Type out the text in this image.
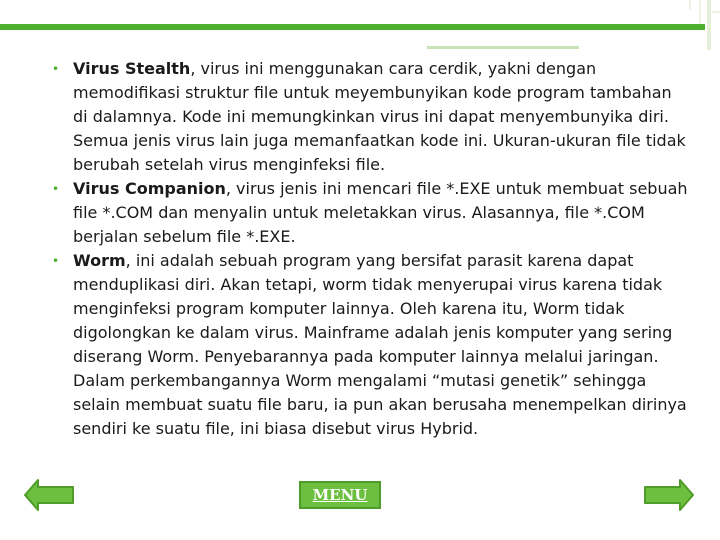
• Virus Stealth, virus ini menggunakan cara cerdik, yakni dengan memodifikasi struktur file untuk meyembunyikan kode program tambahan di dalamnya. Kode ini memungkinkan virus ini dapat menyembunyika diri. Semua jenis virus lain juga memanfaatkan kode ini. Ukuran-ukuran file tidak berubah setelah virus menginfeksi file.

• Virus Companion, virus jenis ini mencari file *.EXE untuk membuat sebuah file *.COM dan menyalin untuk meletakkan virus. Alasannya, file *.COM berjalan sebelum file *.EXE.

• Worm, ini adalah sebuah program yang bersifat parasit karena dapat menduplikasi diri. Akan tetapi, worm tidak menyerupai virus karena tidak menginfeksi program komputer lainnya. Oleh karena itu, Worm tidak digolongkan ke dalam virus. Mainframe adalah jenis komputer yang sering diserang Worm. Penyebarannya pada komputer lainnya melalui jaringan. Dalam perkembangannya Worm mengalami “mutasi genetik” sehingga selain membuat suatu file baru, ia pun akan berusaha menempelkan dirinya sendiri ke suatu file, ini biasa disebut virus Hybrid.

MENU
